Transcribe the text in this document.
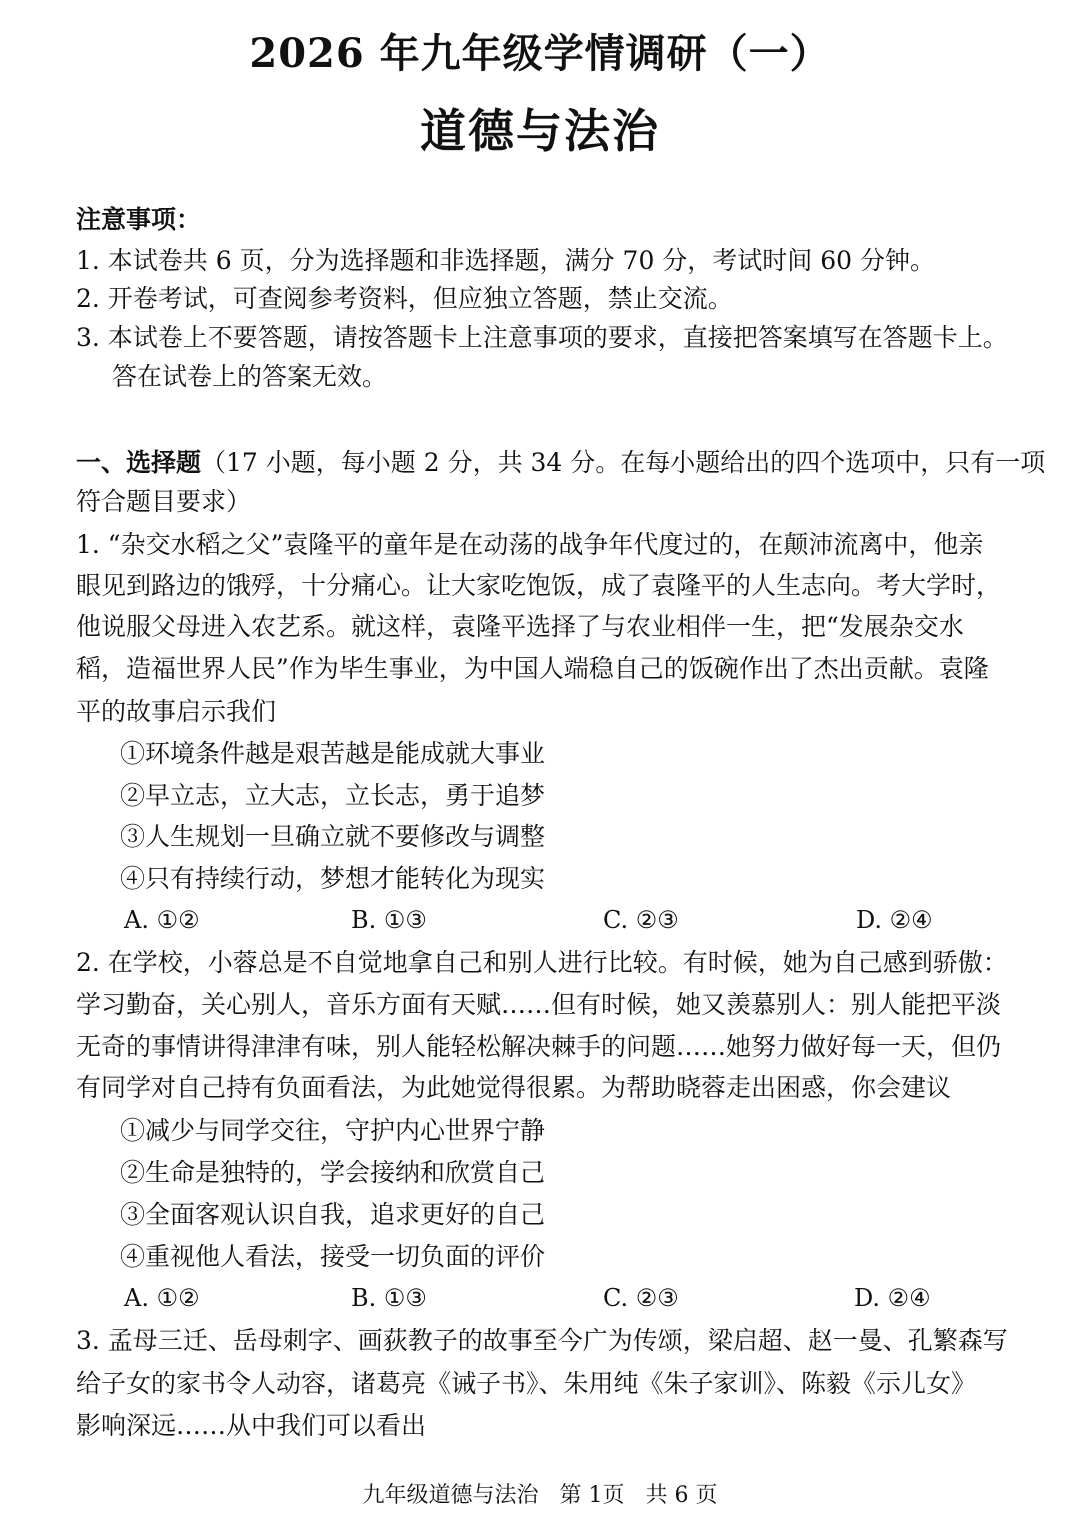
2026 年九年级学情调研（一）
道德与法治
注意事项：
1. 本试卷共 6 页，分为选择题和非选择题，满分 70 分，考试时间 60 分钟。
2. 开卷考试，可查阅参考资料，但应独立答题，禁止交流。
3. 本试卷上不要答题，请按答题卡上注意事项的要求，直接把答案填写在答题卡上。
答在试卷上的答案无效。
一、选择题（17 小题，每小题 2 分，共 34 分。在每小题给出的四个选项中，只有一项
符合题目要求）
1. “杂交水稻之父”袁隆平的童年是在动荡的战争年代度过的，在颠沛流离中，他亲
眼见到路边的饿殍，十分痛心。让大家吃饱饭，成了袁隆平的人生志向。考大学时，
他说服父母进入农艺系。就这样，袁隆平选择了与农业相伴一生，把“发展杂交水
稻，造福世界人民”作为毕生事业，为中国人端稳自己的饭碗作出了杰出贡献。袁隆
平的故事启示我们
①环境条件越是艰苦越是能成就大事业
②早立志，立大志，立长志，勇于追梦
③人生规划一旦确立就不要修改与调整
④只有持续行动，梦想才能转化为现实
A. ①②	B. ①③	C. ②③	D. ②④
2. 在学校，小蓉总是不自觉地拿自己和别人进行比较。有时候，她为自己感到骄傲：
学习勤奋，关心别人，音乐方面有天赋……但有时候，她又羡慕别人：别人能把平淡
无奇的事情讲得津津有味，别人能轻松解决棘手的问题……她努力做好每一天，但仍
有同学对自己持有负面看法，为此她觉得很累。为帮助晓蓉走出困惑，你会建议
①减少与同学交往，守护内心世界宁静
②生命是独特的，学会接纳和欣赏自己
③全面客观认识自我，追求更好的自己
④重视他人看法，接受一切负面的评价
A. ①②	B. ①③	C. ②③	D. ②④
3. 孟母三迁、岳母刺字、画荻教子的故事至今广为传颂，梁启超、赵一曼、孔繁森写
给子女的家书令人动容，诸葛亮《诫子书》、朱用纯《朱子家训》、陈毅《示儿女》
影响深远……从中我们可以看出
九年级道德与法治   第 1页   共 6 页
